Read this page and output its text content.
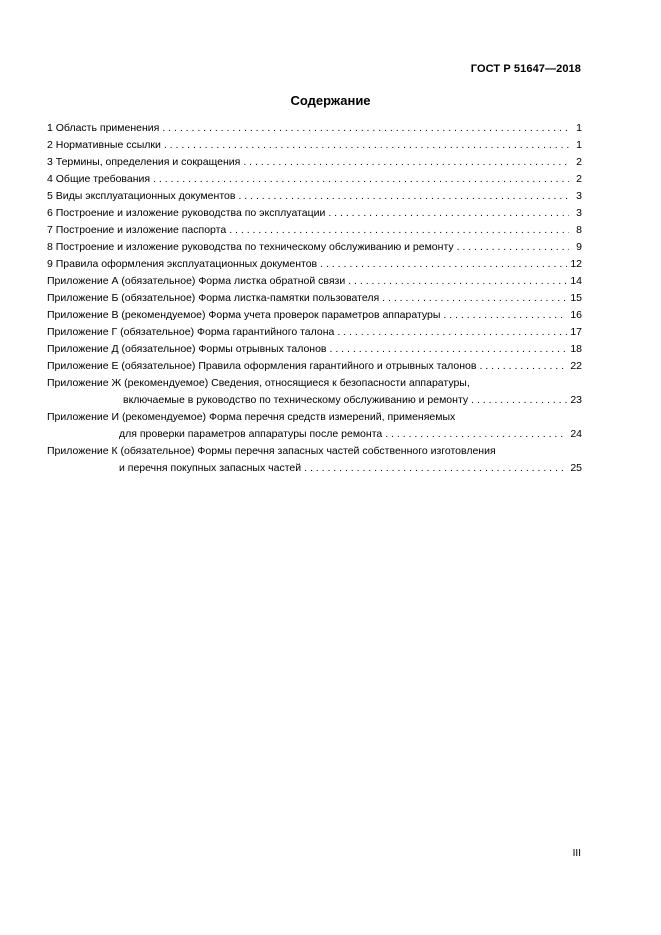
ГОСТ Р 51647—2018
Содержание
1 Область применения . . .	1
2 Нормативные ссылки . . .	1
3 Термины, определения и сокращения . . .	2
4 Общие требования . . .	2
5 Виды эксплуатационных документов . . .	3
6 Построение и изложение руководства по эксплуатации . . .	3
7 Построение и изложение паспорта . . .	8
8 Построение и изложение руководства по техническому обслуживанию и ремонту . . .	9
9 Правила оформления эксплуатационных документов . . .	12
Приложение А (обязательное) Форма листка обратной связи . . .	14
Приложение Б (обязательное) Форма листка-памятки пользователя . . .	15
Приложение В (рекомендуемое) Форма учета проверок параметров аппаратуры . . .	16
Приложение Г (обязательное) Форма гарантийного талона . . .	17
Приложение Д (обязательное) Формы отрывных талонов . . .	18
Приложение Е (обязательное) Правила оформления гарантийного и отрывных талонов . . .	22
Приложение Ж (рекомендуемое) Сведения, относящиеся к безопасности аппаратуры,
включаемые в руководство по техническому обслуживанию и ремонту . . .	23
Приложение И (рекомендуемое) Форма перечня средств измерений, применяемых
для проверки параметров аппаратуры после ремонта . . .	24
Приложение К (обязательное) Формы перечня запасных частей собственного изготовления
и перечня покупных запасных частей . . .	25
III
